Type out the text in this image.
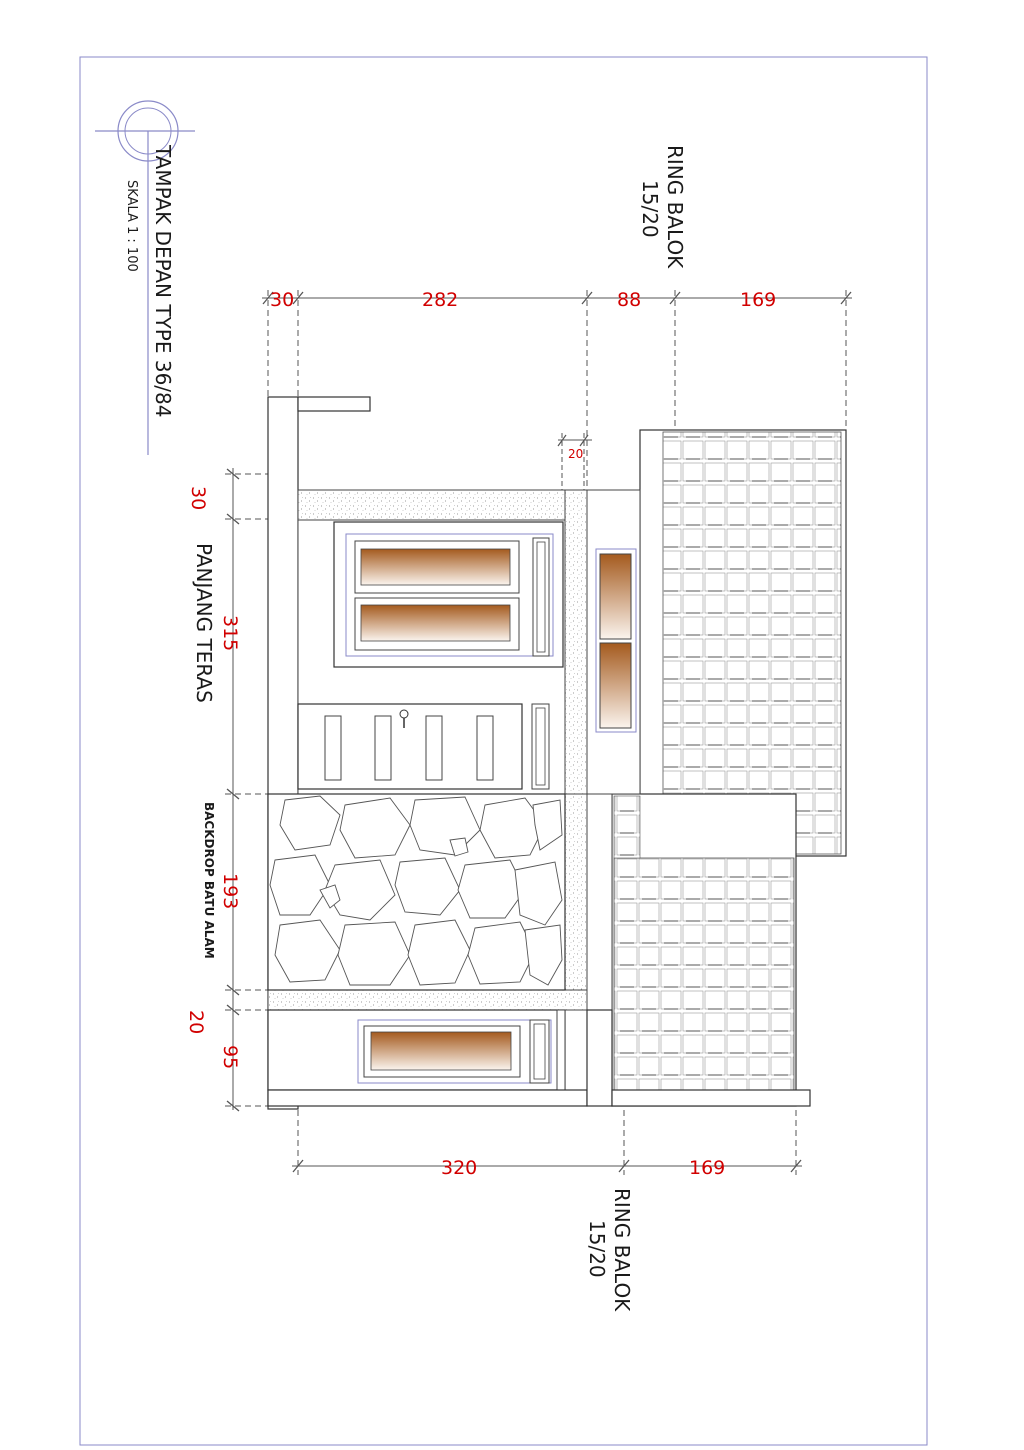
TAMPAK DEPAN TYPE 36/84
SKALA 1 : 100	RING BALOK
15/20
RING BALOK
15/20
PANJANG TERAS
BACKDROP BATU ALAM
30	282	88	169
20
30
315
193
20
95
320	169
